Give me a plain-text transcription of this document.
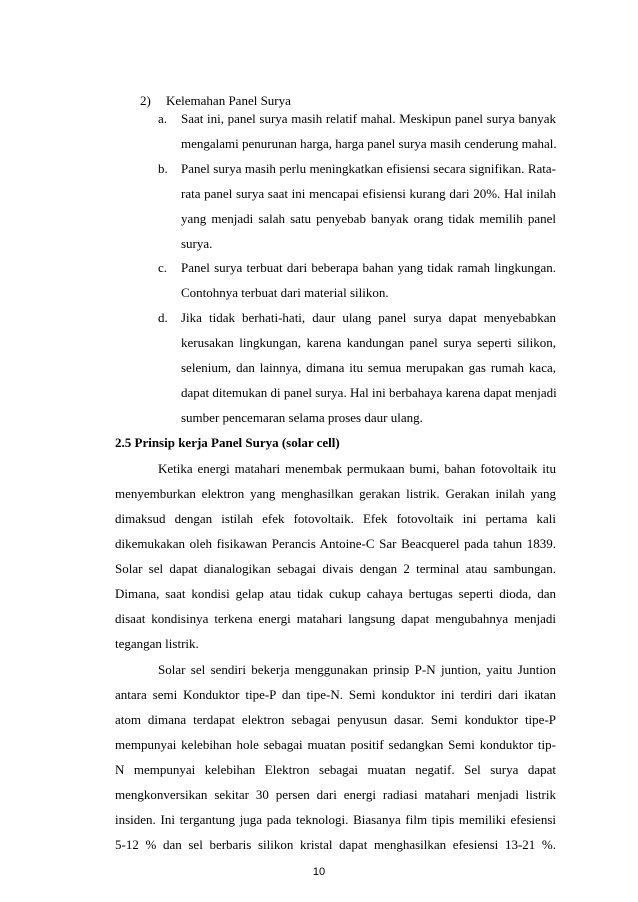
2) Kelemahan Panel Surya
a. Saat ini, panel surya masih relatif mahal. Meskipun panel surya banyak
mengalami penurunan harga, harga panel surya masih cenderung mahal.
b. Panel surya masih perlu meningkatkan efisiensi secara signifikan. Rata-
rata panel surya saat ini mencapai efisiensi kurang dari 20%. Hal inilah
yang menjadi salah satu penyebab banyak orang tidak memilih panel
surya.
c. Panel surya terbuat dari beberapa bahan yang tidak ramah lingkungan.
Contohnya terbuat dari material silikon.
d. Jika tidak berhati-hati, daur ulang panel surya dapat menyebabkan
kerusakan lingkungan, karena kandungan panel surya seperti silikon,
selenium, dan lainnya, dimana itu semua merupakan gas rumah kaca,
dapat ditemukan di panel surya. Hal ini berbahaya karena dapat menjadi
sumber pencemaran selama proses daur ulang.
2.5 Prinsip kerja Panel Surya (solar cell)
Ketika energi matahari menembak permukaan bumi, bahan fotovoltaik itu
menyemburkan elektron yang menghasilkan gerakan listrik. Gerakan inilah yang
dimaksud dengan istilah efek fotovoltaik. Efek fotovoltaik ini pertama kali
dikemukakan oleh fisikawan Perancis Antoine-C Sar Beacquerel pada tahun 1839.
Solar sel dapat dianalogikan sebagai divais dengan 2 terminal atau sambungan.
Dimana, saat kondisi gelap atau tidak cukup cahaya bertugas seperti dioda, dan
disaat kondisinya terkena energi matahari langsung dapat mengubahnya menjadi
tegangan listrik.
Solar sel sendiri bekerja menggunakan prinsip P-N juntion, yaitu Juntion
antara semi Konduktor tipe-P dan tipe-N. Semi konduktor ini terdiri dari ikatan
atom dimana terdapat elektron sebagai penyusun dasar. Semi konduktor tipe-P
mempunyai kelebihan hole sebagai muatan positif sedangkan Semi konduktor tip-
N mempunyai kelebihan Elektron sebagai muatan negatif. Sel surya dapat
mengkonversikan sekitar 30 persen dari energi radiasi matahari menjadi listrik
insiden. Ini tergantung juga pada teknologi. Biasanya film tipis memiliki efesiensi
5-12 % dan sel berbaris silikon kristal dapat menghasilkan efesiensi 13-21 %.
10
